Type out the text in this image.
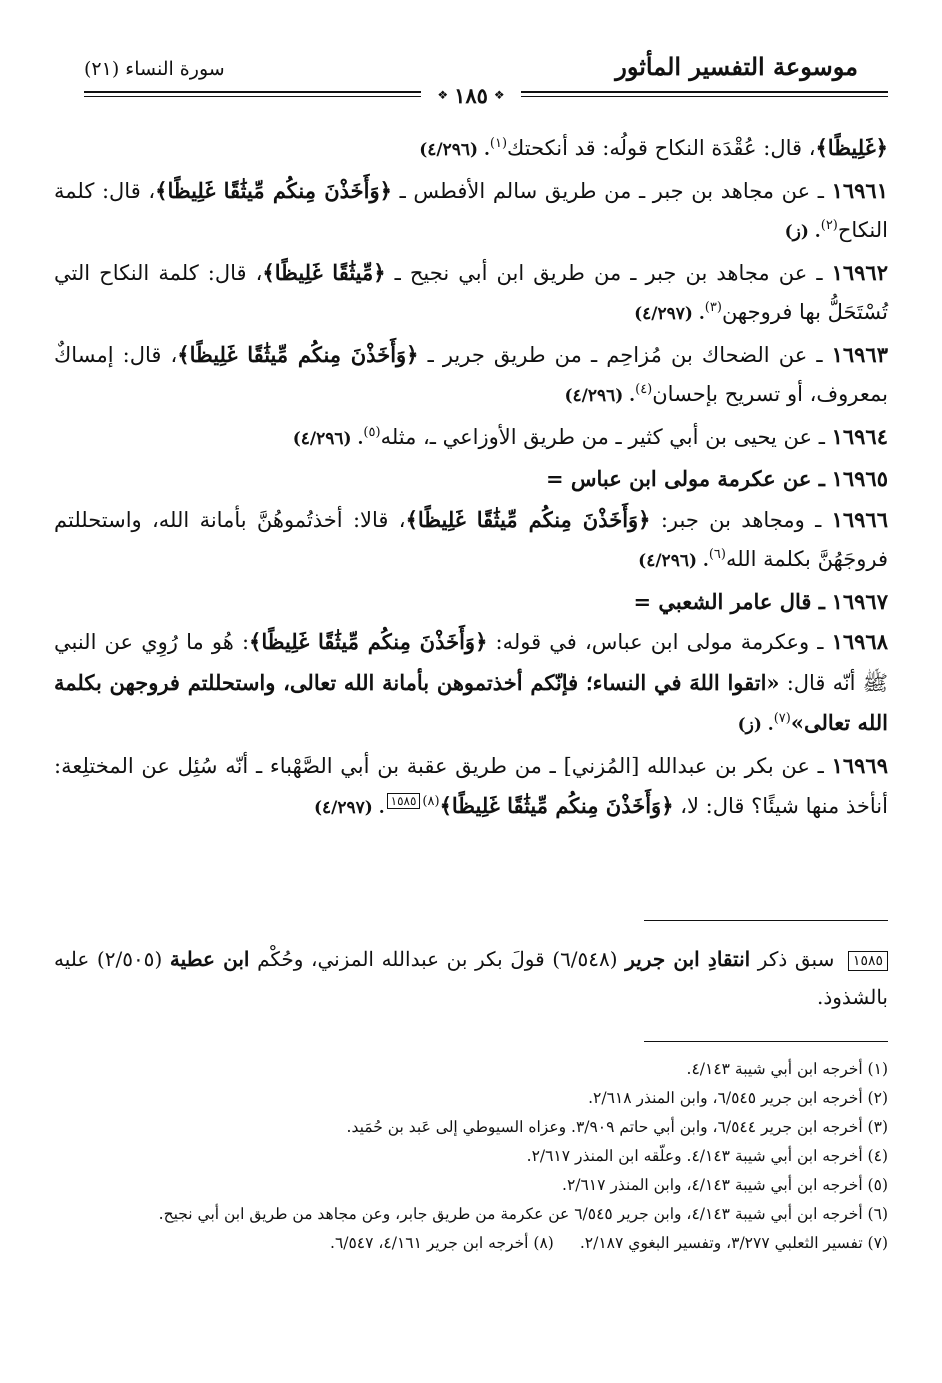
موسوعة التفسير المأثور
سورة النساء (٢١)
❖
١٨٥
❖

﴿غَلِيظًا﴾، قال: عُقْدَة النكاح قولُه: قد أنكحتك$^{(١)}$. (٤/٢٩٦)

١٦٩٦١ ـ عن مجاهد بن جبر ـ من طريق سالم الأفطس ـ ﴿وَأَخَذْنَ مِنكُم مِّيثَٰقًا غَلِيظًا﴾، قال: كلمة النكاح$^{(٢)}$. (ز)

١٦٩٦٢ ـ عن مجاهد بن جبر ـ من طريق ابن أبي نجيح ـ ﴿مِّيثَٰقًا غَلِيظًا﴾، قال: كلمة النكاح التي تُسْتَحَلُّ بها فروجهن$^{(٣)}$. (٤/٢٩٧)

١٦٩٦٣ ـ عن الضحاك بن مُزاحِم ـ من طريق جرير ـ ﴿وَأَخَذْنَ مِنكُم مِّيثَٰقًا غَلِيظًا﴾، قال: إمساكٌ بمعروف، أو تسريح بإحسان$^{(٤)}$. (٤/٢٩٦)

١٦٩٦٤ ـ عن يحيى بن أبي كثير ـ من طريق الأوزاعي ـ، مثله$^{(٥)}$. (٤/٢٩٦)

١٦٩٦٥ ـ عن عكرمة مولى ابن عباس =

١٦٩٦٦ ـ ومجاهد بن جبر: ﴿وَأَخَذْنَ مِنكُم مِّيثَٰقًا غَلِيظًا﴾، قالا: أخذتُموهُنَّ بأمانة الله، واستحللتم فروجَهُنَّ بكلمة الله$^{(٦)}$. (٤/٢٩٦)

١٦٩٦٧ ـ قال عامر الشعبي =

١٦٩٦٨ ـ وعكرمة مولى ابن عباس، في قوله: ﴿وَأَخَذْنَ مِنكُم مِّيثَٰقًا غَلِيظًا﴾: هُو ما رُوِي عن النبي ﷺ أنّه قال: «اتقوا اللهَ في النساء؛ فإنّكم أخذتموهن بأمانة الله تعالى، واستحللتم فروجهن بكلمة الله تعالى»$^{(٧)}$. (ز)

١٦٩٦٩ ـ عن بكر بن عبدالله [المُزني] ـ من طريق عقبة بن أبي الصَّهْباء ـ أنّه سُئِل عن المختلِعة: أنأخذ منها شيئًا؟ قال: لا، ﴿وَأَخَذْنَ مِنكُم مِّيثَٰقًا غَلِيظًا﴾$^{(٨)}$١٥٨٥. (٤/٢٩٧)

١٥٨٥ سبق ذكر انتقادِ ابن جرير (٦/٥٤٨) قولَ بكر بن عبدالله المزني، وحُكْم ابن عطية (٢/٥٠٥) عليه بالشذوذ.

(١) أخرجه ابن أبي شيبة ٤/١٤٣.

(٢) أخرجه ابن جرير ٦/٥٤٥، وابن المنذر ٢/٦١٨.

(٣) أخرجه ابن جرير ٦/٥٤٤، وابن أبي حاتم ٣/٩٠٩. وعزاه السيوطي إلى عَبد بن حُمَيد.

(٤) أخرجه ابن أبي شيبة ٤/١٤٣. وعلّقه ابن المنذر ٢/٦١٧.

(٥) أخرجه ابن أبي شيبة ٤/١٤٣، وابن المنذر ٢/٦١٧.

(٦) أخرجه ابن أبي شيبة ٤/١٤٣، وابن جرير ٦/٥٤٥ عن عكرمة من طريق جابر، وعن مجاهد من طريق ابن أبي نجيح.

(٧) تفسير الثعلبي ٣/٢٧٧، وتفسير البغوي ٢/١٨٧.(٨) أخرجه ابن جرير ٤/١٦١، ٦/٥٤٧.
